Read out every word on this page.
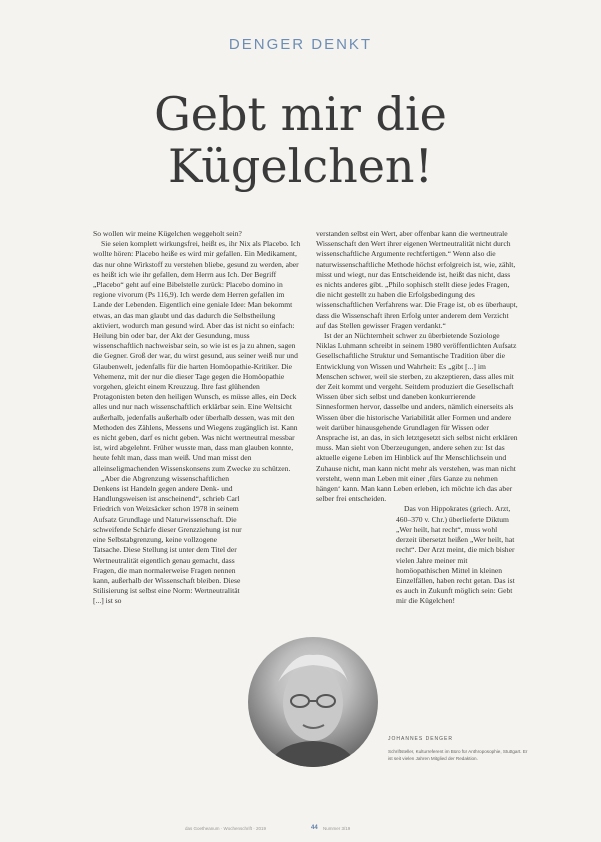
DENGER DENKT
Gebt mir die
Kügelchen!

So wollen wir meine Kügelchen weggeholt sein?

Sie seien komplett wirkungsfrei, heißt es, ihr Nix als Placebo. Ich wollte hören: Placebo heiße es wird mir gefallen. Ein Medikament, das nur ohne Wirkstoff zu verstehen bliebe, gesund zu werden, aber es heißt ich wie ihr gefallen, dem Herrn aus Ich. Der Begriff „Placebo“ geht auf eine Bibelstelle zurück: Placebo domino in regione vivorum (Ps 116,9). Ich werde dem Herren gefallen im Lande der Lebenden. Eigentlich eine geniale Idee: Man bekommt etwas, an das man glaubt und das dadurch die Selbstheilung aktiviert, wodurch man gesund wird. Aber das ist nicht so einfach: Heilung bin oder bar, der Akt der Gesundung, muss wissenschaftlich nachweisbar sein, so wie ist es ja zu ahnen, sagen die Gegner. Groß der war, du wirst gesund, aus seiner weiß nur und Glaubenwelt, jedenfalls für die harten Homöopathie-Kritiker. Die Vehemenz, mit der nur die dieser Tage gegen die Homöopathie vorgehen, gleicht einem Kreuzzug. Ihre fast glühenden Protagonisten beten den heiligen Wunsch, es müsse alles, ein Deck alles und nur nach wissenschaftlich erklärbar sein. Eine Weltsicht außerhalb, jedenfalls außerhalb oder überhalb dessen, was mit den Methoden des Zählens, Messens und Wiegens zugänglich ist. Kann es nicht geben, darf es nicht geben. Was nicht wertneutral messbar ist, wird abgelehnt. Früher wusste man, dass man glauben konnte, heute fehlt man, dass man weiß. Und man misst den alleinseligmachenden Wissenskonsens zum Zwecke zu schützen.

„Aber die Abgrenzung wissenschaftlichen Denkens ist Handeln gegen andere Denk- und Handlungsweisen ist anscheinend“, schrieb Carl Friedrich von Weizsäcker schon 1978 in seinem Aufsatz Grundlage und Naturwissenschaft. Die schweifende Schärfe dieser Grenzziehung ist nur eine Selbstabgrenzung, keine vollzogene Tatsache. Diese Stellung ist unter dem Titel der Wertneutralität eigentlich genau gemacht, dass Fragen, die man normalerweise Fragen nennen kann, außerhalb der Wissenschaft bleiben. Diese Stilisierung ist selbst eine Norm: Wertneutralität [...] ist so

verstanden selbst ein Wert, aber offenbar kann die wertneutrale Wissenschaft den Wert ihrer eigenen Wertneutralität nicht durch wissenschaftliche Argumente rechtfertigen.“ Wenn also die naturwissenschaftliche Methode höchst erfolgreich ist, wie, zählt, misst und wiegt, nur das Entscheidende ist, heißt das nicht, dass es nichts anderes gibt. „Philo sophisch stellt diese jedes Fragen, die nicht gestellt zu haben die Erfolgsbedingung des wissenschaftlichen Verfahrens war. Die Frage ist, ob es überhaupt, dass die Wissenschaft ihren Erfolg unter anderem dem Verzicht auf das Stellen gewisser Fragen verdankt.“

Ist der an Nüchternheit schwer zu überbietende Soziologe Niklas Luhmann schreibt in seinem 1980 veröffentlichten Aufsatz Gesellschaftliche Struktur und Semantische Tradition über die Entwicklung von Wissen und Wahrheit: Es „gibt [...] im Menschen schwer, weil sie sterben, zu akzeptieren, dass alles mit der Zeit kommt und vergeht. Seitdem produziert die Gesellschaft Wissen über sich selbst und daneben konkurrierende Sinnesformen hervor, dasselbe und anders, nämlich einerseits als Wissen über die historische Variabilität aller Formen und andere weit darüber hinausgehende Grundlagen für Wissen oder Ansprache ist, an das, in sich letztgesetzt sich selbst nicht erklären muss. Man sieht von Überzeugungen, andere sehen zu: Ist das aktuelle eigene Leben im Hinblick auf Ihr Menschlichsein und Zuhause nicht, man kann nicht mehr als verstehen, was man nicht versteht, wenn man Leben mit einer ‚fürs Ganze zu nehmen hängen‘ kann. Man kann Leben erleben, ich möchte ich das aber selber frei entscheiden.

Das von Hippokrates (griech. Arzt, 460–370 v. Chr.) überlieferte Diktum „Wer heilt, hat recht“, muss wohl derzeit übersetzt heißen „Wer heilt, hat recht“. Der Arzt meint, die mich bisher vielen Jahre meiner mit homöopathischen Mittel in kleinen Einzelfällen, haben recht getan. Das ist es auch in Zukunft möglich sein: Gebt mir die Kügelchen!

JOHANNES DENGER
Schriftsteller, Kulturreferent im Büro für Anthroposophie, Stuttgart. Er ist seit vielen Jahren Mitglied der Redaktion.
das Goetheanum · Wochenschrift · 2019	44 Nummer 3/19
